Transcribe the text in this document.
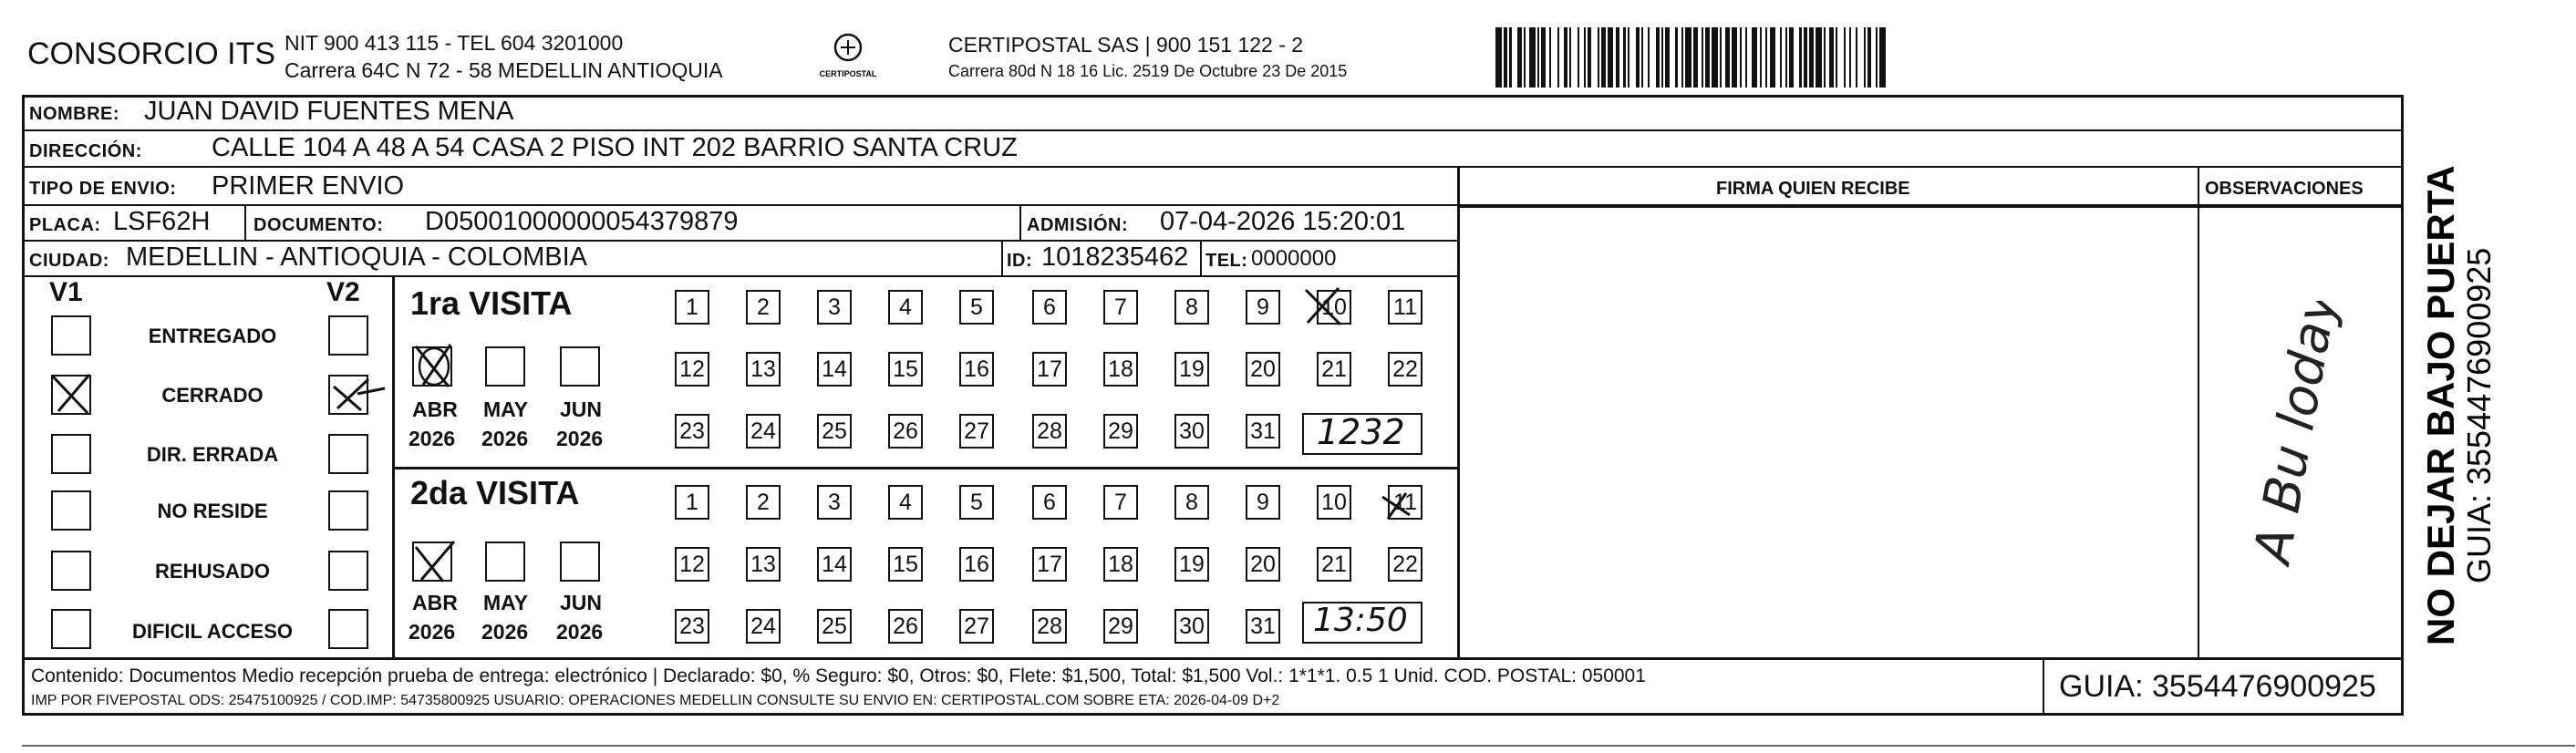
CONSORCIO ITS NIT 900 413 115 - TEL 604 3201000
Carrera 64C N 72 - 58 MEDELLIN ANTIOQUIA	CERTIPOSTAL
CERTIPOSTAL SAS | 900 151 122 - 2
Carrera 80d N 18 16 Lic. 2519 De Octubre 23 De 2015
NOMBRE: JUAN DAVID FUENTES MENA
DIRECCIÓN:	CALLE 104 A 48 A 54 CASA 2 PISO INT 202 BARRIO SANTA CRUZ
TIPO DE ENVIO: PRIMER ENVIO
PLACA: LSF62H DOCUMENTO: D05001000000054379879	ADMISIÓN: 07-04-2026 15:20:01
CIUDAD: MEDELLIN - ANTIOQUIA - COLOMBIA	ID: 1018235462 TEL: 0000000
FIRMA QUIEN RECIBE	OBSERVACIONES
A Bu loday
V1	V2
ENTREGADO
CERRADO
DIR. ERRADA
NO RESIDE
REHUSADO
DIFICIL ACCESO
1ra VISITA
2da VISITA
ABR MAY JUN
2026 2026 2026
ABR MAY JUN
2026 2026 2026
1232
13:50
Contenido: Documentos Medio recepción prueba de entrega: electrónico | Declarado: $0, % Seguro: $0, Otros: $0, Flete: $1,500, Total: $1,500 Vol.: 1*1*1. 0.5 1 Unid. COD. POSTAL: 050001
IMP POR FIVEPOSTAL ODS: 25475100925 / COD.IMP: 54735800925 USUARIO: OPERACIONES MEDELLIN CONSULTE SU ENVIO EN: CERTIPOSTAL.COM SOBRE ETA: 2026-04-09 D+2	GUIA: 3554476900925
NO DEJAR BAJO PUERTA
GUIA: 3554476900925
1	2	3	4	5	6	7	8	9	10 11
12 13 14 15 16 17 18 19 20 21 22
23 24 25 26 27 28 29 30 31
1	2	3	4	5	6	7	8	9	10 11
12 13 14 15 16 17 18 19 20 21 22
23 24 25 26 27 28 29 30 31
